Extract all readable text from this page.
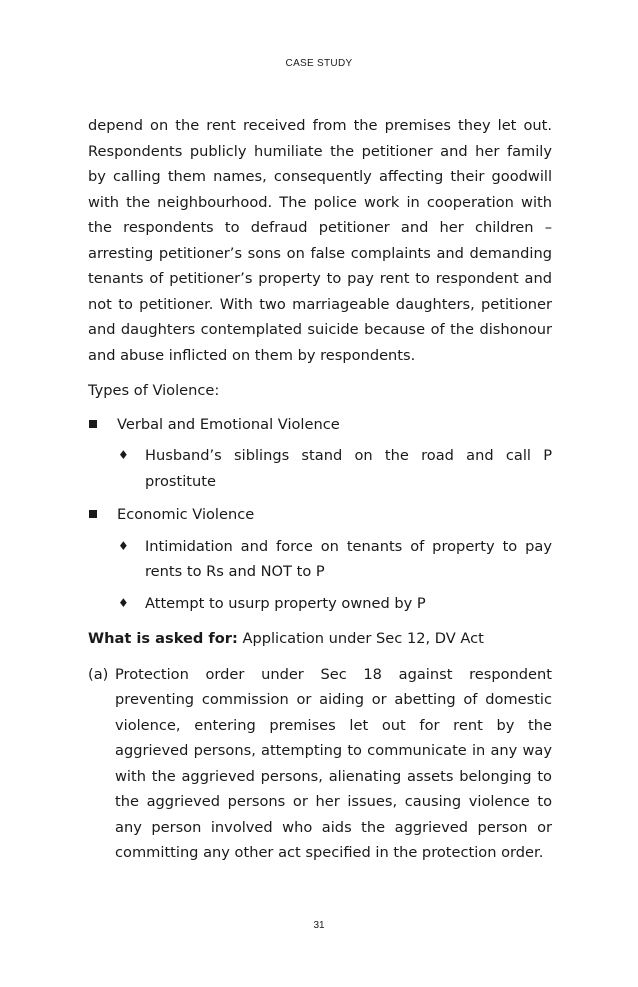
CASE STUDY

depend on the rent received from the premises they let out. Respondents publicly humiliate the petitioner and her family by calling them names, consequently affecting their goodwill with the neighbourhood. The police work in cooperation with the respondents to defraud petitioner and her children – arresting petitioner’s sons on false complaints and demanding tenants of petitioner’s property to pay rent to respondent and not to petitioner. With two marriageable daughters, petitioner and daughters contemplated suicide because of the dishonour and abuse inflicted on them by respondents.

Types of Violence:

Verbal and Emotional Violence
♦	Husband’s siblings stand on the road and call P prostitute
Economic Violence
♦	Intimidation and force on tenants of property to pay rents to Rs and NOT to P
♦	Attempt to usurp property owned by P

What is asked for: Application under Sec 12, DV Act

(a) Protection order under Sec 18 against respondent preventing commission or aiding or abetting of domestic violence, entering premises let out for rent by the aggrieved persons, attempting to communicate in any way with the aggrieved persons, alienating assets belonging to the aggrieved persons or her issues, causing violence to any person involved who aids the aggrieved person or committing any other act specified in the protection order.
31
